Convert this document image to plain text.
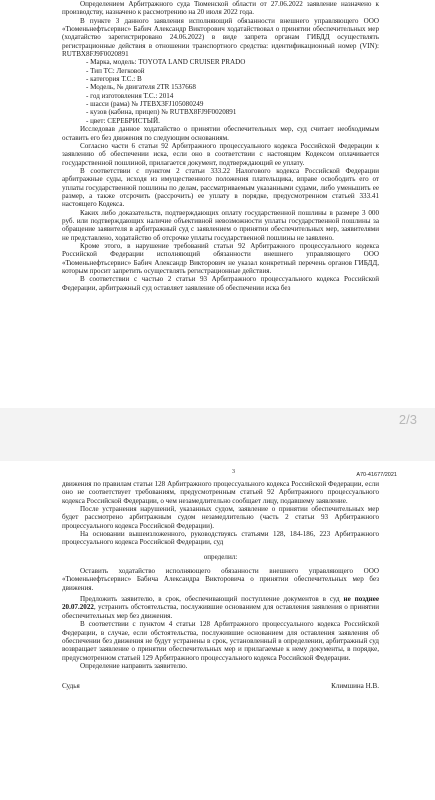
Определением Арбитражного суда Тюменской области от 27.06.2022 заявление назначено к производству, назначено к рассмотрению на 20 июля 2022 года.

В пункте 3 данного заявления исполняющий обязанности внешнего управляющего ООО «Тюменьнефтьсервис» Бабич Александр Викторович ходатайствовал о принятии обеспечительных мер (ходатайство зарегистрировано 24.06.2022) в виде запрета органам ГИБДД осуществлять регистрационные действия в отношении транспортного средства: идентификационный номер (VIN): RUTBX8FJ9F0020891

- Марка, модель: TOYOTA LAND CRUISER PRADO

- Тип ТС: Легковой

- категория Т.С.: В

- Модель, № двигателя 2TR 1537668

- год изготовления Т.С.: 2014

- шасси (рама) № JTEBX3FJ105080249

- кузов (кабина, прицеп) № RUTBX8FJ9F0020891

- цвет: СЕРЕБРИСТЫЙ.

Исследовав данное ходатайство о принятии обеспечительных мер, суд считает необходимым оставить его без движения по следующим основаниям.

Согласно части 6 статьи 92 Арбитражного процессуального кодекса Российской Федерации к заявлению об обеспечении иска, если оно в соответствии с настоящим Кодексом оплачивается государственной пошлиной, прилагается документ, подтверждающий ее уплату.

В соответствии с пунктом 2 статьи 333.22 Налогового кодекса Российской Федерации арбитражные суды, исходя из имущественного положения плательщика, вправе освободить его от уплаты государственной пошлины по делам, рассматриваемым указанными судами, либо уменьшить ее размер, а также отсрочить (рассрочить) ее уплату в порядке, предусмотренном статьей 333.41 настоящего Кодекса.

Каких либо доказательств, подтверждающих оплату государственной пошлины в размере 3 000 руб. или подтверждающих наличие объективной невозможности уплаты государственной пошлины за обращение заявителя в арбитражный суд с заявлением о принятии обеспечительных мер, заявителями не представлено, ходатайство об отсрочке уплаты государственной пошлины не заявлено.

Кроме этого, в нарушение требований статьи 92 Арбитражного процессуального кодекса Российской Федерации исполняющий обязанности внешнего управляющего ООО «Тюменьнефтьсервис» Бабич Александр Викторович не указал конкретный перечень органов ГИБДД, которым просит запретить осуществлять регистрационные действия.

В соответствии с частью 2 статьи 93 Арбитражного процессуального кодекса Российской Федерации, арбитражный суд оставляет заявление об обеспечении иска без

2/3
3	А70-41677/2021

движения по правилам статьи 128 Арбитражного процессуального кодекса Российской Федерации, если оно не соответствует требованиям, предусмотренным статьей 92 Арбитражного процессуального кодекса Российской Федерации, о чем незамедлительно сообщает лицу, подавшему заявление.

После устранения нарушений, указанных судом, заявление о принятии обеспечительных мер будет рассмотрено арбитражным судом незамедлительно (часть 2 статьи 93 Арбитражного процессуального кодекса Российской Федерации).

На основании вышеизложенного, руководствуясь статьями 128, 184-186, 223 Арбитражного процессуального кодекса Российской Федерации, суд

определил:

Оставить ходатайство исполняющего обязанности внешнего управляющего ООО «Тюменьнефтьсервис» Бабича Александра Викторовича о принятии обеспечительных мер без движения.

Предложить заявителю, в срок, обеспечивающий поступление документов в суд не позднее 20.07.2022, устранить обстоятельства, послужившие основанием для оставления заявления о принятии обеспечительных мер без движения.

В соответствии с пунктом 4 статьи 128 Арбитражного процессуального кодекса Российской Федерации, в случае, если обстоятельства, послужившие основанием для оставления заявления об обеспечении без движения не будут устранены в срок, установленный в определении, арбитражный суд возвращает заявление о принятии обеспечительных мер и прилагаемые к нему документы, в порядке, предусмотренном статьей 129 Арбитражного процессуального кодекса Российской Федерации.

Определение направить заявителю.

Судья	Климшина Н.В.
